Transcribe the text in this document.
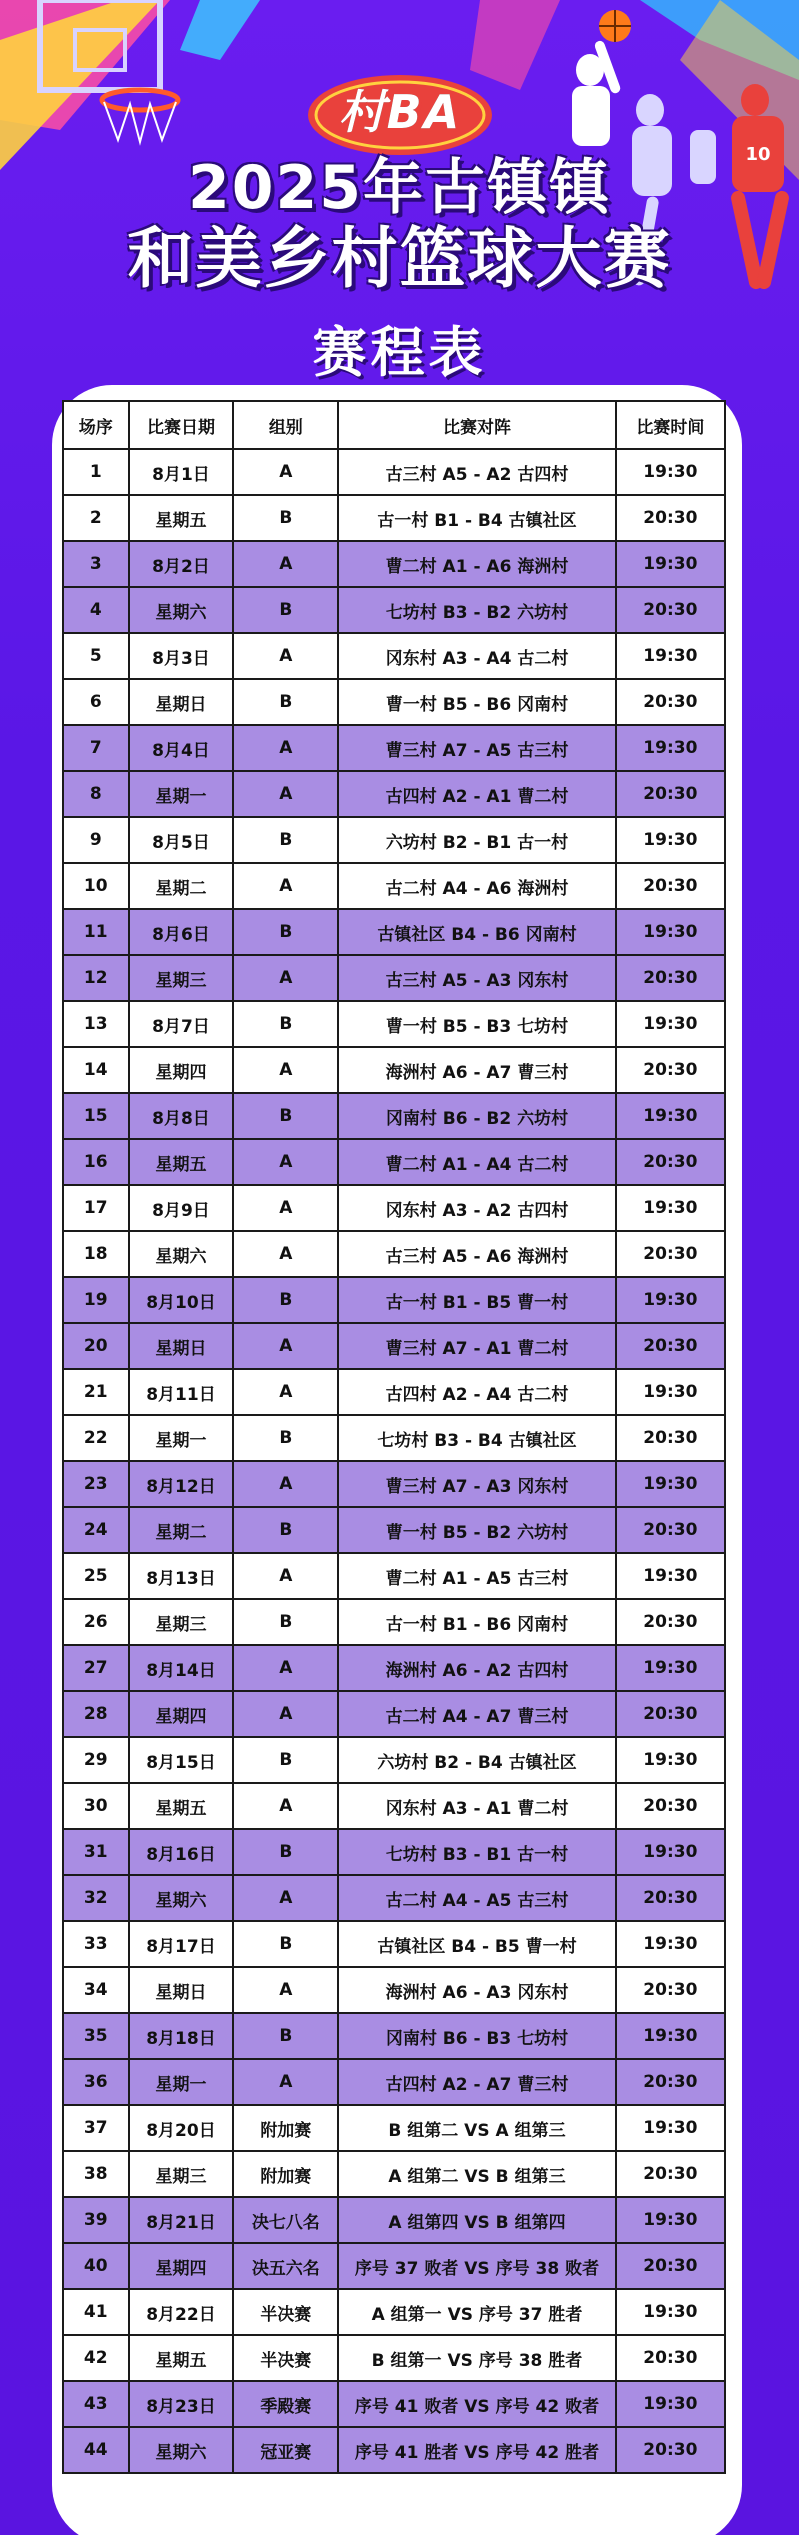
10
村BA
2025年古镇镇
和美乡村篮球大赛
赛程表
场序	比赛日期	组别	比赛对阵	比赛时间
1	8月1日	A	古三村 A5 - A2 古四村	19:30
2	星期五	B	古一村 B1 - B4 古镇社区	20:30
3	8月2日	A	曹二村 A1 - A6 海洲村	19:30
4	星期六	B	七坊村 B3 - B2 六坊村	20:30
5	8月3日	A	冈东村 A3 - A4 古二村	19:30
6	星期日	B	曹一村 B5 - B6 冈南村	20:30
7	8月4日	A	曹三村 A7 - A5 古三村	19:30
8	星期一	A	古四村 A2 - A1 曹二村	20:30
9	8月5日	B	六坊村 B2 - B1 古一村	19:30
10	星期二	A	古二村 A4 - A6 海洲村	20:30
11	8月6日	B	古镇社区 B4 - B6 冈南村	19:30
12	星期三	A	古三村 A5 - A3 冈东村	20:30
13	8月7日	B	曹一村 B5 - B3 七坊村	19:30
14	星期四	A	海洲村 A6 - A7 曹三村	20:30
15	8月8日	B	冈南村 B6 - B2 六坊村	19:30
16	星期五	A	曹二村 A1 - A4 古二村	20:30
17	8月9日	A	冈东村 A3 - A2 古四村	19:30
18	星期六	A	古三村 A5 - A6 海洲村	20:30
19	8月10日	B	古一村 B1 - B5 曹一村	19:30
20	星期日	A	曹三村 A7 - A1 曹二村	20:30
21	8月11日	A	古四村 A2 - A4 古二村	19:30
22	星期一	B	七坊村 B3 - B4 古镇社区	20:30
23	8月12日	A	曹三村 A7 - A3 冈东村	19:30
24	星期二	B	曹一村 B5 - B2 六坊村	20:30
25	8月13日	A	曹二村 A1 - A5 古三村	19:30
26	星期三	B	古一村 B1 - B6 冈南村	20:30
27	8月14日	A	海洲村 A6 - A2 古四村	19:30
28	星期四	A	古二村 A4 - A7 曹三村	20:30
29	8月15日	B	六坊村 B2 - B4 古镇社区	19:30
30	星期五	A	冈东村 A3 - A1 曹二村	20:30
31	8月16日	B	七坊村 B3 - B1 古一村	19:30
32	星期六	A	古二村 A4 - A5 古三村	20:30
33	8月17日	B	古镇社区 B4 - B5 曹一村	19:30
34	星期日	A	海洲村 A6 - A3 冈东村	20:30
35	8月18日	B	冈南村 B6 - B3 七坊村	19:30
36	星期一	A	古四村 A2 - A7 曹三村	20:30
37	8月20日	附加赛	B 组第二 VS A 组第三	19:30
38	星期三	附加赛	A 组第二 VS B 组第三	20:30
39	8月21日	决七八名	A 组第四 VS B 组第四	19:30
40	星期四	决五六名	序号 37 败者 VS 序号 38 败者	20:30
41	8月22日	半决赛	A 组第一 VS 序号 37 胜者	19:30
42	星期五	半决赛	B 组第一 VS 序号 38 胜者	20:30
43	8月23日	季殿赛	序号 41 败者 VS 序号 42 败者	19:30
44	星期六	冠亚赛	序号 41 胜者 VS 序号 42 胜者	20:30
